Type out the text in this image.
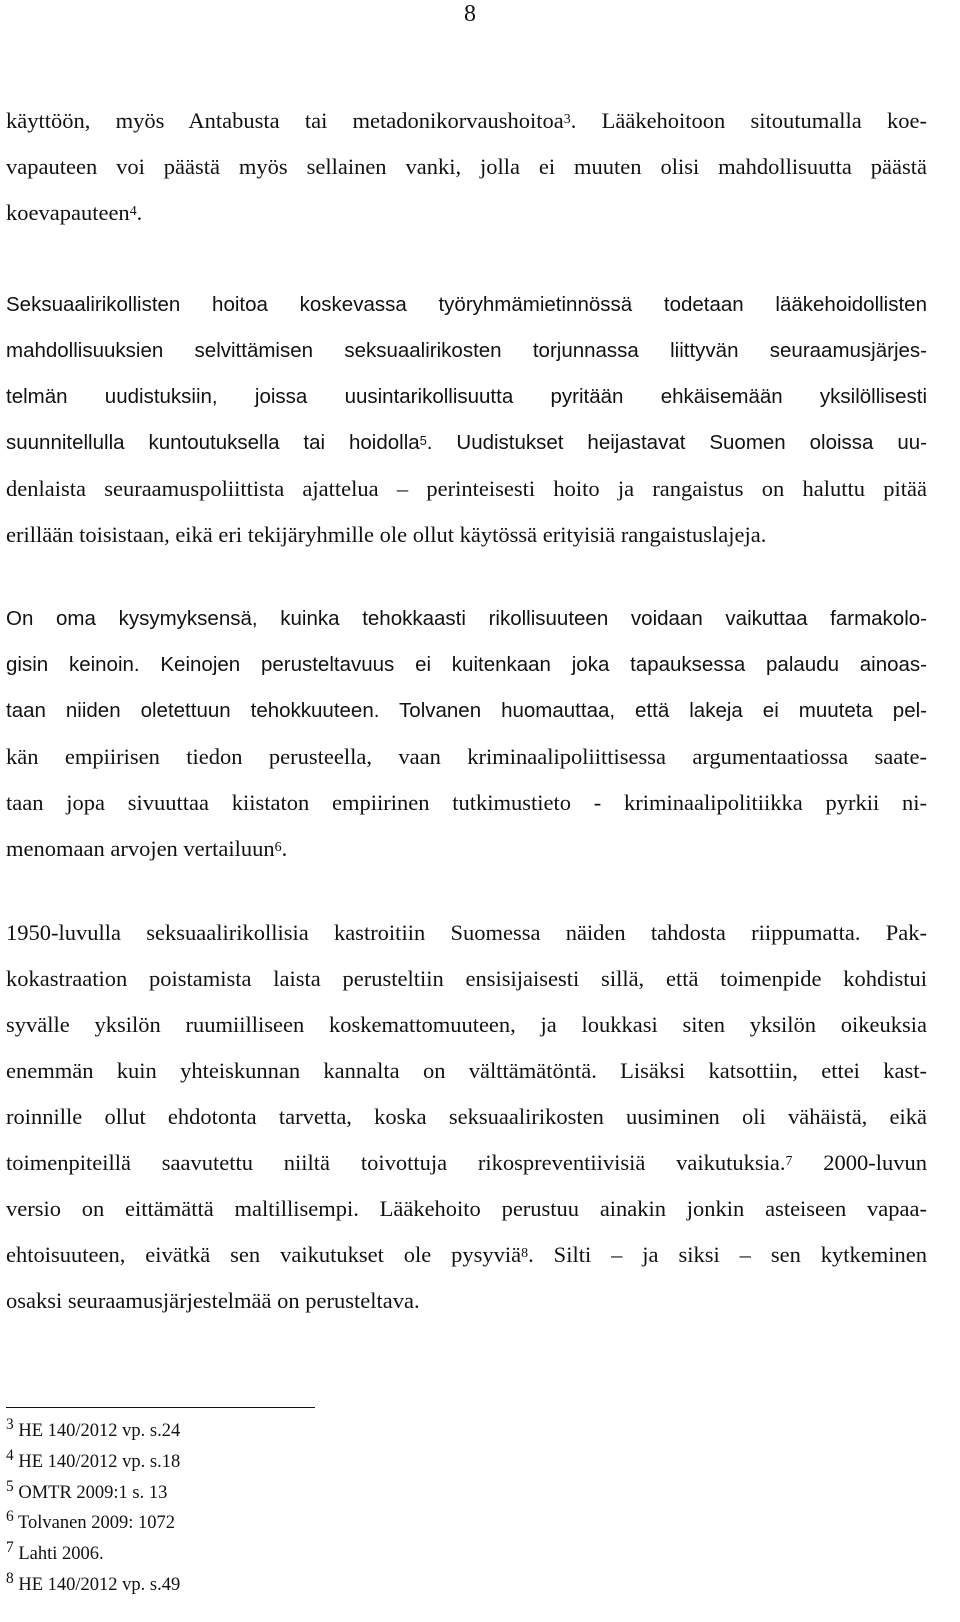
8
käyttöön, myös Antabusta tai metadonikorvaushoitoa$^3$. Lääkehoitoon sitoutumalla koe-
vapauteen voi päästä myös sellainen vanki, jolla ei muuten olisi mahdollisuutta päästä
koevapauteen$^4$.
Seksuaalirikollisten hoitoa koskevassa työryhmämietinnössä todetaan lääkehoidollisten
mahdollisuuksien selvittämisen seksuaalirikosten torjunnassa liittyvän seuraamusjärjes-
telmän uudistuksiin, joissa uusintarikollisuutta pyritään ehkäisemään yksilöllisesti
suunnitellulla kuntoutuksella tai hoidolla$^5$. Uudistukset heijastavat Suomen oloissa uu-
denlaista seuraamuspoliittista ajattelua – perinteisesti hoito ja rangaistus on haluttu pitää
erillään toisistaan, eikä eri tekijäryhmille ole ollut käytössä erityisiä rangaistuslajeja.
On oma kysymyksensä, kuinka tehokkaasti rikollisuuteen voidaan vaikuttaa farmakolo-
gisin keinoin. Keinojen perusteltavuus ei kuitenkaan joka tapauksessa palaudu ainoas-
taan niiden oletettuun tehokkuuteen. Tolvanen huomauttaa, että lakeja ei muuteta pel-
kän empiirisen tiedon perusteella, vaan kriminaalipoliittisessa argumentaatiossa saate-
taan jopa sivuuttaa kiistaton empiirinen tutkimustieto - kriminaalipolitiikka pyrkii ni-
menomaan arvojen vertailuun$^6$.
1950-luvulla seksuaalirikollisia kastroitiin Suomessa näiden tahdosta riippumatta. Pak-
kokastraation poistamista laista perusteltiin ensisijaisesti sillä, että toimenpide kohdistui
syvälle yksilön ruumiilliseen koskemattomuuteen, ja loukkasi siten yksilön oikeuksia
enemmän kuin yhteiskunnan kannalta on välttämätöntä. Lisäksi katsottiin, ettei kast-
roinnille ollut ehdotonta tarvetta, koska seksuaalirikosten uusiminen oli vähäistä, eikä
toimenpiteillä saavutettu niiltä toivottuja rikospreventiivisiä vaikutuksia.$^7$ 2000-luvun
versio on eittämättä maltillisempi. Lääkehoito perustuu ainakin jonkin asteiseen vapaa-
ehtoisuuteen, eivätkä sen vaikutukset ole pysyviä$^8$. Silti – ja siksi – sen kytkeminen
osaksi seuraamusjärjestelmää on perusteltava.
$^3$ HE 140/2012 vp. s.24
$^4$ HE 140/2012 vp. s.18
$^5$ OMTR 2009:1 s. 13
$^6$ Tolvanen 2009: 1072
$^7$ Lahti 2006.
$^8$ HE 140/2012 vp. s.49
